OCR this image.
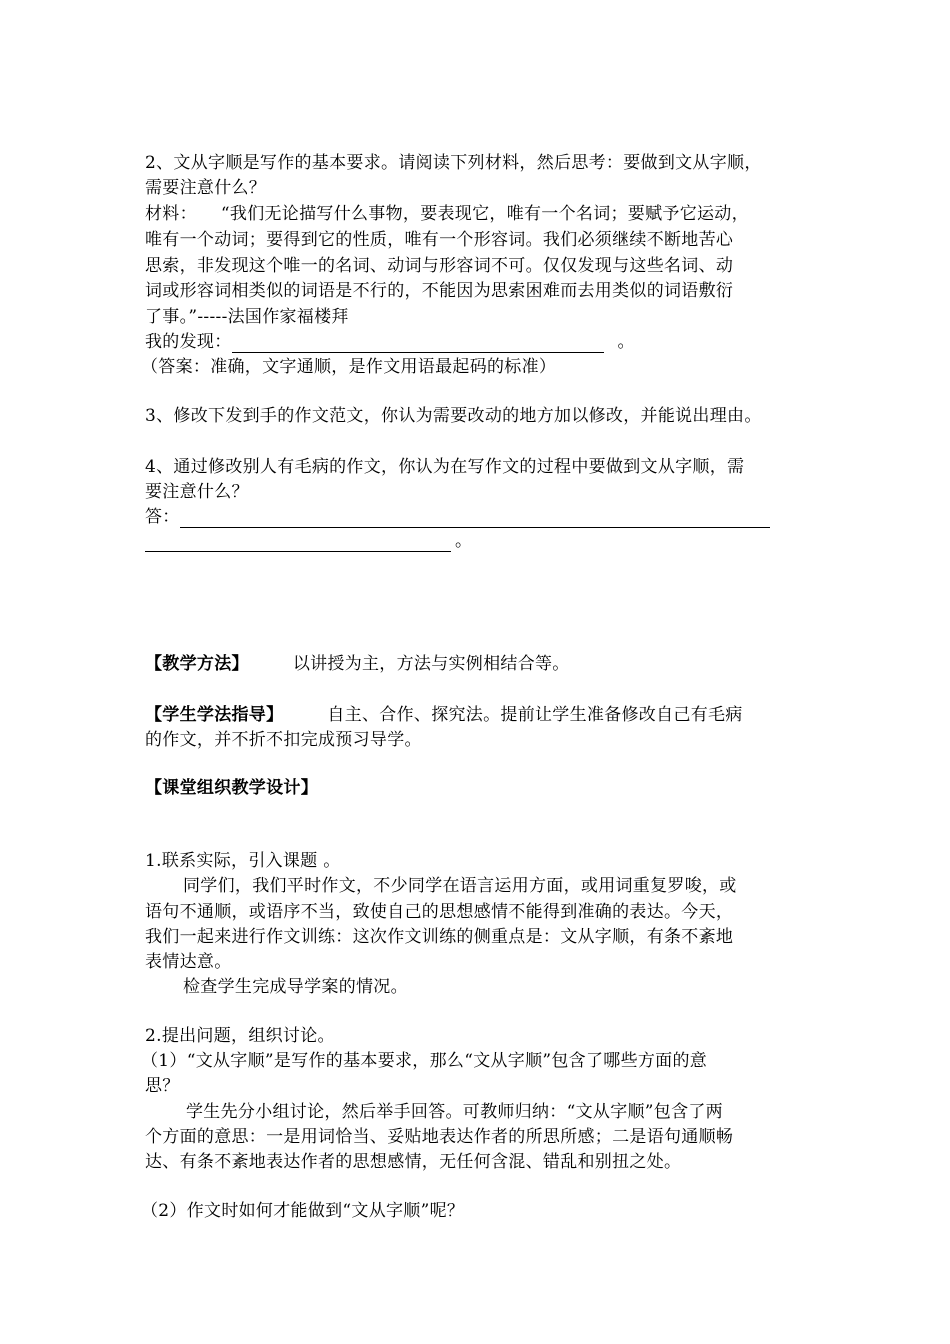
2、文从字顺是写作的基本要求。请阅读下列材料，然后思考：要做到文从字顺，
需要注意什么？
材料： “我们无论描写什么事物，要表现它，唯有一个名词；要赋予它运动，
唯有一个动词；要得到它的性质，唯有一个形容词。我们必须继续不断地苦心
思索，非发现这个唯一的名词、动词与形容词不可。仅仅发现与这些名词、动
词或形容词相类似的词语是不行的，不能因为思索困难而去用类似的词语敷衍
了事。”-----法国作家福楼拜
我的发现：	。
（答案：准确，文字通顺，是作文用语最起码的标准）
3、修改下发到手的作文范文，你认为需要改动的地方加以修改，并能说出理由。
4、通过修改别人有毛病的作文，你认为在写作文的过程中要做到文从字顺，需
要注意什么？
答：
。
【教学方法】	以讲授为主，方法与实例相结合等。
【学生学法指导】	自主、合作、探究法。提前让学生准备修改自己有毛病
的作文，并不折不扣完成预习导学。
【课堂组织教学设计】
1.联系实际，引入课题 。
同学们，我们平时作文，不少同学在语言运用方面，或用词重复罗唆，或
语句不通顺，或语序不当，致使自己的思想感情不能得到准确的表达。今天，
我们一起来进行作文训练：这次作文训练的侧重点是：文从字顺，有条不紊地
表情达意。
检查学生完成导学案的情况。
2.提出问题，组织讨论。
（1）“文从字顺”是写作的基本要求，那么“文从字顺”包含了哪些方面的意
思？
学生先分小组讨论，然后举手回答。可教师归纳：“文从字顺”包含了两
个方面的意思：一是用词恰当、妥贴地表达作者的所思所感；二是语句通顺畅
达、有条不紊地表达作者的思想感情，无任何含混、错乱和别扭之处。
（2）作文时如何才能做到“文从字顺”呢？
